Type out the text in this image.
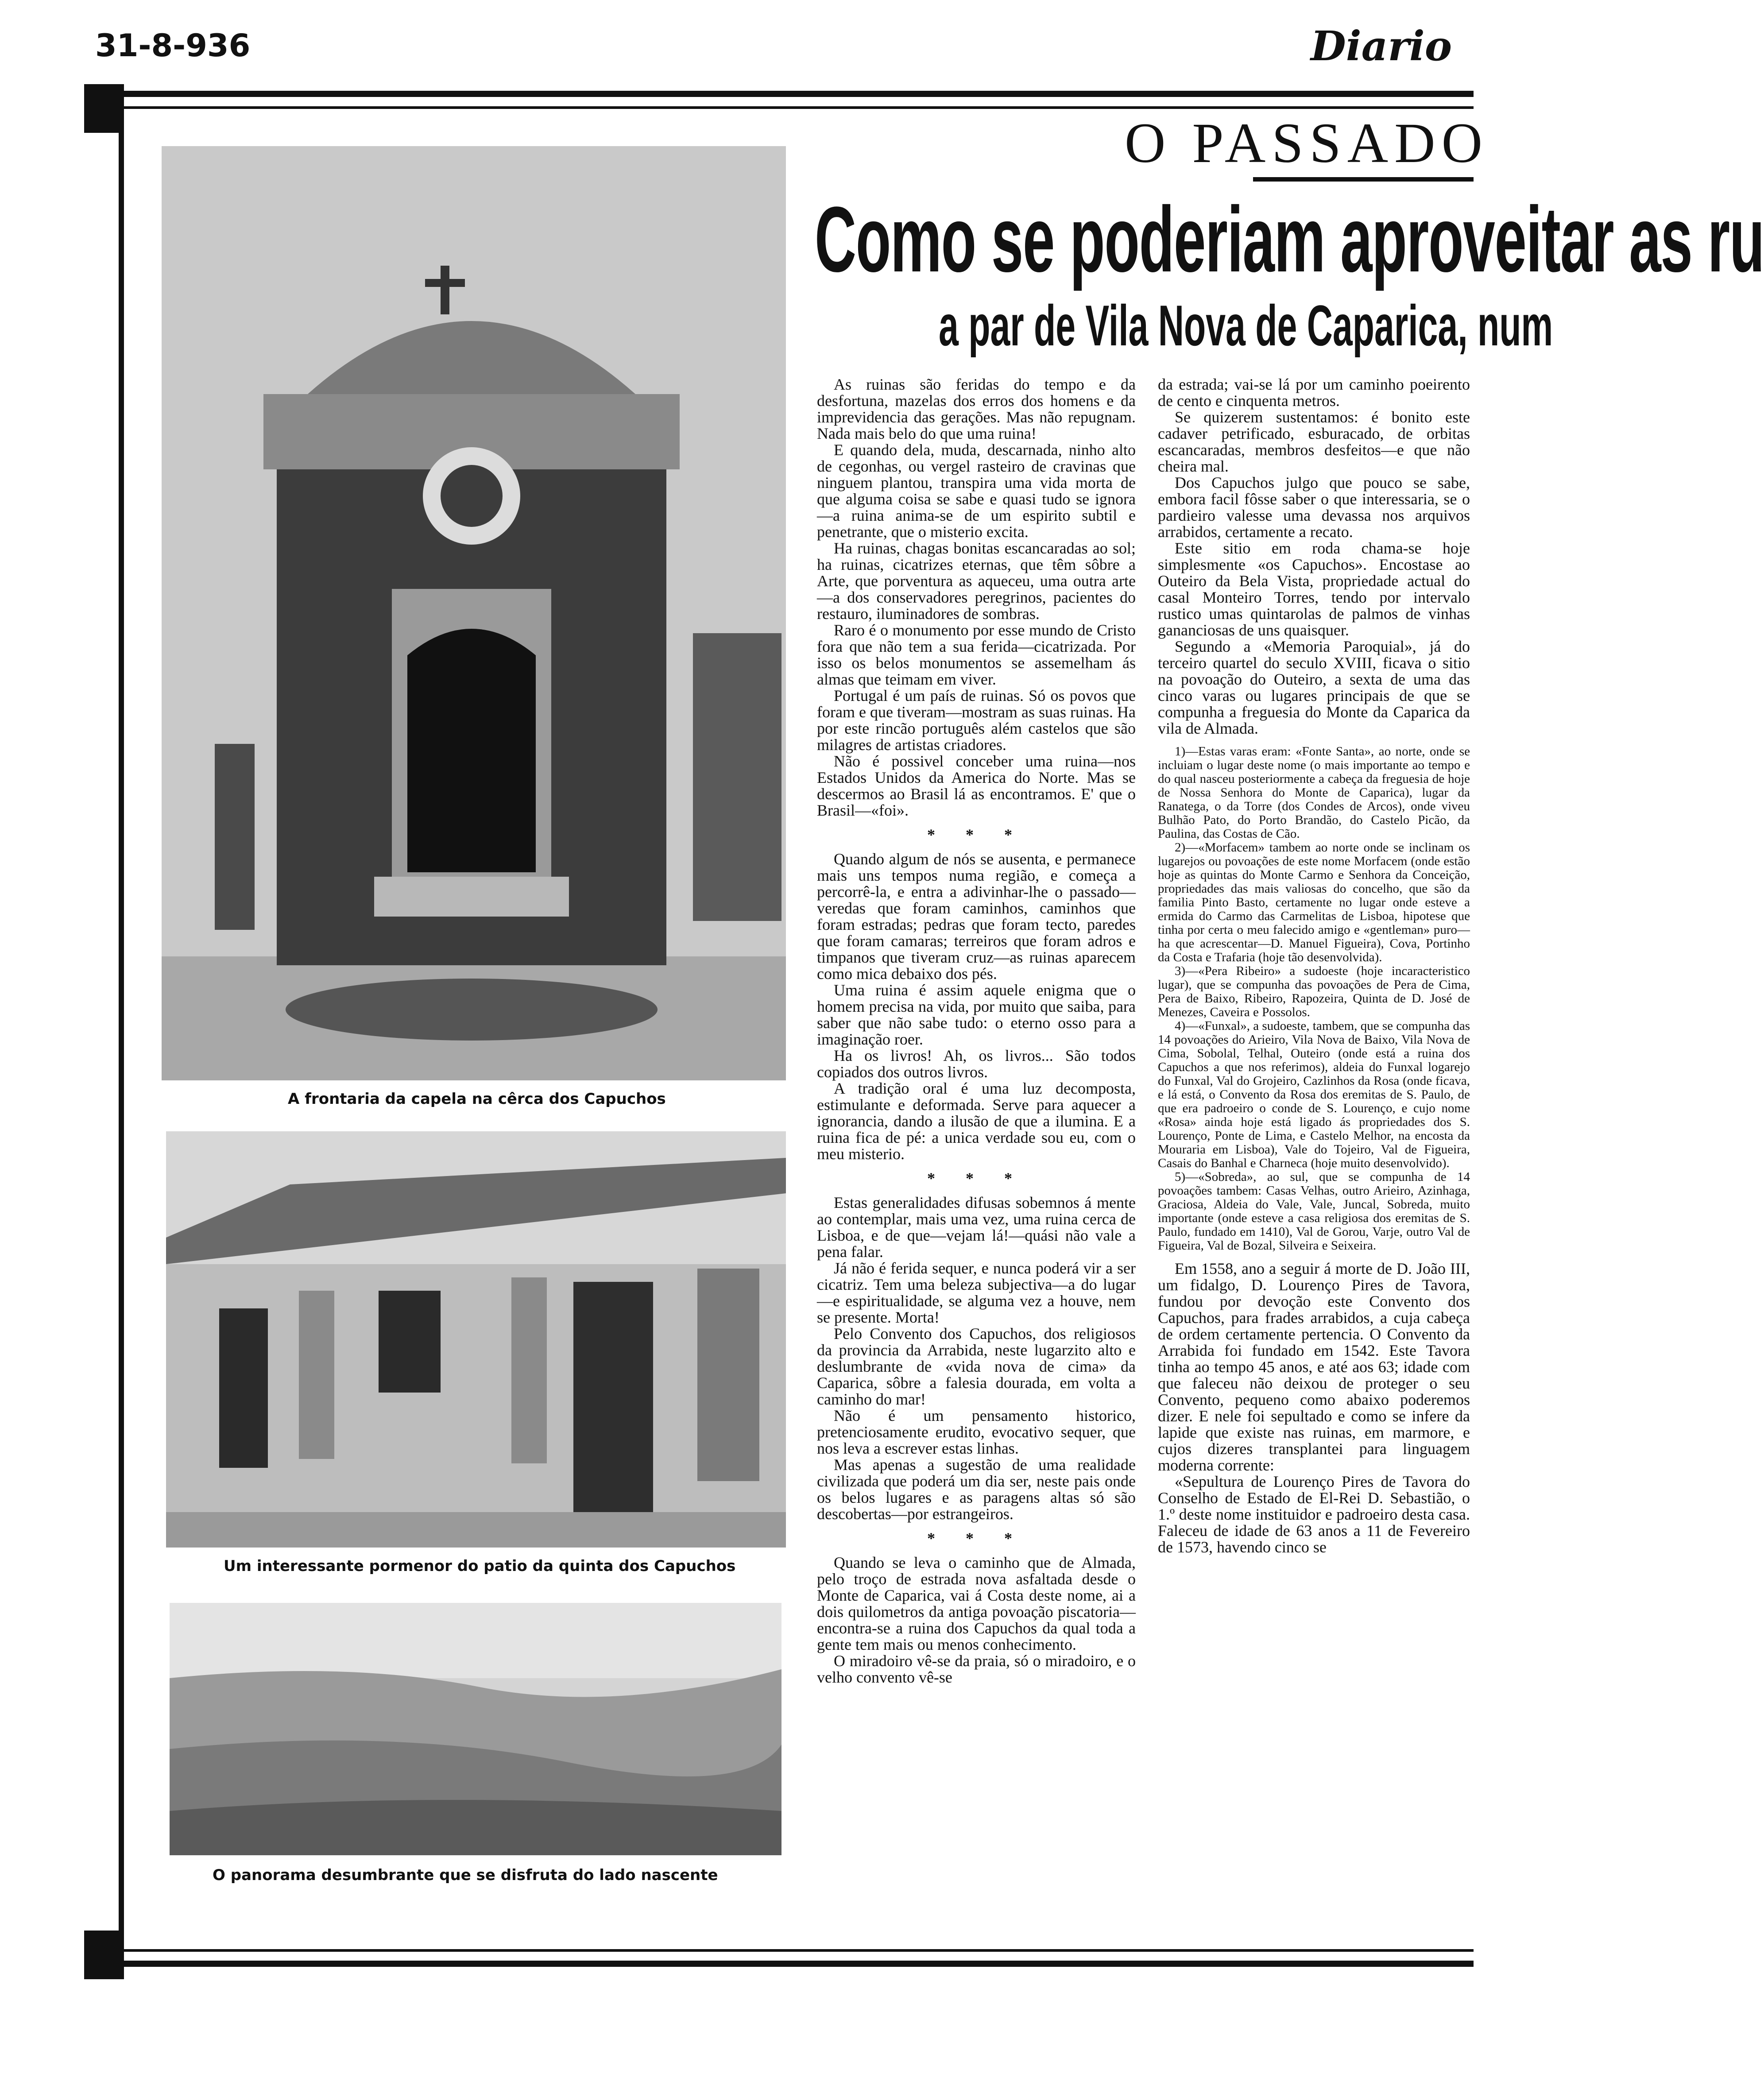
31-8-936	Diario
O PASSADO
Como se poderiam aproveitar as ru
a par de Vila Nova de Caparica, num
A frontaria da capela na cêrca dos Capuchos
Um interessante pormenor do patio da quinta dos Capuchos
O panorama desumbrante que se disfruta do lado nascente

As ruinas são feridas do tempo e da desfortuna, mazelas dos erros dos homens e da imprevidencia das gerações. Mas não repugnam. Nada mais belo do que uma ruina!

E quando dela, muda, descarnada, ninho alto de cegonhas, ou vergel rasteiro de cravinas que ninguem plantou, transpira uma vida morta de que alguma coisa se sabe e quasi tudo se ignora—a ruina anima-se de um espirito subtil e penetrante, que o misterio excita.

Ha ruinas, chagas bonitas escancaradas ao sol; ha ruinas, cicatrizes eternas, que têm sôbre a Arte, que porventura as aqueceu, uma outra arte—a dos conservadores peregrinos, pacientes do restauro, iluminadores de sombras.

Raro é o monumento por esse mundo de Cristo fora que não tem a sua ferida—cicatrizada. Por isso os belos monumentos se assemelham ás almas que teimam em viver.

Portugal é um país de ruinas. Só os povos que foram e que tiveram—mostram as suas ruinas. Ha por este rincão português além castelos que são milagres de artistas criadores.

Não é possivel conceber uma ruina—nos Estados Unidos da America do Norte. Mas se descermos ao Brasil lá as encontramos. E' que o Brasil—«foi».

* * *

Quando algum de nós se ausenta, e permanece mais uns tempos numa região, e começa a percorrê-la, e entra a adivinhar-lhe o passado—veredas que foram caminhos, caminhos que foram estradas; pedras que foram tecto, paredes que foram camaras; terreiros que foram adros e timpanos que tiveram cruz—as ruinas aparecem como mica debaixo dos pés.

Uma ruina é assim aquele enigma que o homem precisa na vida, por muito que saiba, para saber que não sabe tudo: o eterno osso para a imaginação roer.

Ha os livros! Ah, os livros... São todos copiados dos outros livros.

A tradição oral é uma luz decomposta, estimulante e deformada. Serve para aquecer a ignorancia, dando a ilusão de que a ilumina. E a ruina fica de pé: a unica verdade sou eu, com o meu misterio.

* * *

Estas generalidades difusas sobemnos á mente ao contemplar, mais uma vez, uma ruina cerca de Lisboa, e de que—vejam lá!—quási não vale a pena falar.

Já não é ferida sequer, e nunca poderá vir a ser cicatriz. Tem uma beleza subjectiva—a do lugar—e espiritualidade, se alguma vez a houve, nem se presente. Morta!

Pelo Convento dos Capuchos, dos religiosos da provincia da Arrabida, neste lugarzito alto e deslumbrante de «vida nova de cima» da Caparica, sôbre a falesia dourada, em volta a caminho do mar!

Não é um pensamento historico, pretenciosamente erudito, evocativo sequer, que nos leva a escrever estas linhas.

Mas apenas a sugestão de uma realidade civilizada que poderá um dia ser, neste pais onde os belos lugares e as paragens altas só são descobertas—por estrangeiros.

* * *

Quando se leva o caminho que de Almada, pelo troço de estrada nova asfaltada desde o Monte de Caparica, vai á Costa deste nome, ai a dois quilometros da antiga povoação piscatoria—encontra-se a ruina dos Capuchos da qual toda a gente tem mais ou menos conhecimento.

O miradoiro vê-se da praia, só o miradoiro, e o velho convento vê-se

da estrada; vai-se lá por um caminho poeirento de cento e cinquenta metros.

Se quizerem sustentamos: é bonito este cadaver petrificado, esburacado, de orbitas escancaradas, membros desfeitos—e que não cheira mal.

Dos Capuchos julgo que pouco se sabe, embora facil fôsse saber o que interessaria, se o pardieiro valesse uma devassa nos arquivos arrabidos, certamente a recato.

Este sitio em roda chama-se hoje simplesmente «os Capuchos». Encostase ao Outeiro da Bela Vista, propriedade actual do casal Monteiro Torres, tendo por intervalo rustico umas quintarolas de palmos de vinhas gananciosas de uns quaisquer.

Segundo a «Memoria Paroquial», já do terceiro quartel do seculo XVIII, ficava o sitio na povoação do Outeiro, a sexta de uma das cinco varas ou lugares principais de que se compunha a freguesia do Monte da Caparica da vila de Almada.

1)—Estas varas eram: «Fonte Santa», ao norte, onde se incluiam o lugar deste nome (o mais importante ao tempo e do qual nasceu posteriormente a cabeça da freguesia de hoje de Nossa Senhora do Monte de Caparica), lugar da Ranatega, o da Torre (dos Condes de Arcos), onde viveu Bulhão Pato, do Porto Brandão, do Castelo Picão, da Paulina, das Costas de Cão.

2)—«Morfacem» tambem ao norte onde se inclinam os lugarejos ou povoações de este nome Morfacem (onde estão hoje as quintas do Monte Carmo e Senhora da Conceição, propriedades das mais valiosas do concelho, que são da familia Pinto Basto, certamente no lugar onde esteve a ermida do Carmo das Carmelitas de Lisboa, hipotese que tinha por certa o meu falecido amigo e «gentleman» puro—ha que acrescentar—D. Manuel Figueira), Cova, Portinho da Costa e Trafaria (hoje tão desenvolvida).

3)—«Pera Ribeiro» a sudoeste (hoje incaracteristico lugar), que se compunha das povoações de Pera de Cima, Pera de Baixo, Ribeiro, Rapozeira, Quinta de D. José de Menezes, Caveira e Possolos.

4)—«Funxal», a sudoeste, tambem, que se compunha das 14 povoações do Arieiro, Vila Nova de Baixo, Vila Nova de Cima, Sobolal, Telhal, Outeiro (onde está a ruina dos Capuchos a que nos referimos), aldeia do Funxal logarejo do Funxal, Val do Grojeiro, Cazlinhos da Rosa (onde ficava, e lá está, o Convento da Rosa dos eremitas de S. Paulo, de que era padroeiro o conde de S. Lourenço, e cujo nome «Rosa» ainda hoje está ligado ás propriedades dos S. Lourenço, Ponte de Lima, e Castelo Melhor, na encosta da Mouraria em Lisboa), Vale do Tojeiro, Val de Figueira, Casais do Banhal e Charneca (hoje muito desenvolvido).

5)—«Sobreda», ao sul, que se compunha de 14 povoações tambem: Casas Velhas, outro Arieiro, Azinhaga, Graciosa, Aldeia do Vale, Vale, Juncal, Sobreda, muito importante (onde esteve a casa religiosa dos eremitas de S. Paulo, fundado em 1410), Val de Gorou, Varje, outro Val de Figueira, Val de Bozal, Silveira e Seixeira.

Em 1558, ano a seguir á morte de D. João III, um fidalgo, D. Lourenço Pires de Tavora, fundou por devoção este Convento dos Capuchos, para frades arrabidos, a cuja cabeça de ordem certamente pertencia. O Convento da Arrabida foi fundado em 1542. Este Tavora tinha ao tempo 45 anos, e até aos 63; idade com que faleceu não deixou de proteger o seu Convento, pequeno como abaixo poderemos dizer. E nele foi sepultado e como se infere da lapide que existe nas ruinas, em marmore, e cujos dizeres transplantei para linguagem moderna corrente:

«Sepultura de Lourenço Pires de Tavora do Conselho de Estado de El-Rei D. Sebastião, o 1.º deste nome instituidor e padroeiro desta casa. Faleceu de idade de 63 anos a 11 de Fevereiro de 1573, havendo cinco se
